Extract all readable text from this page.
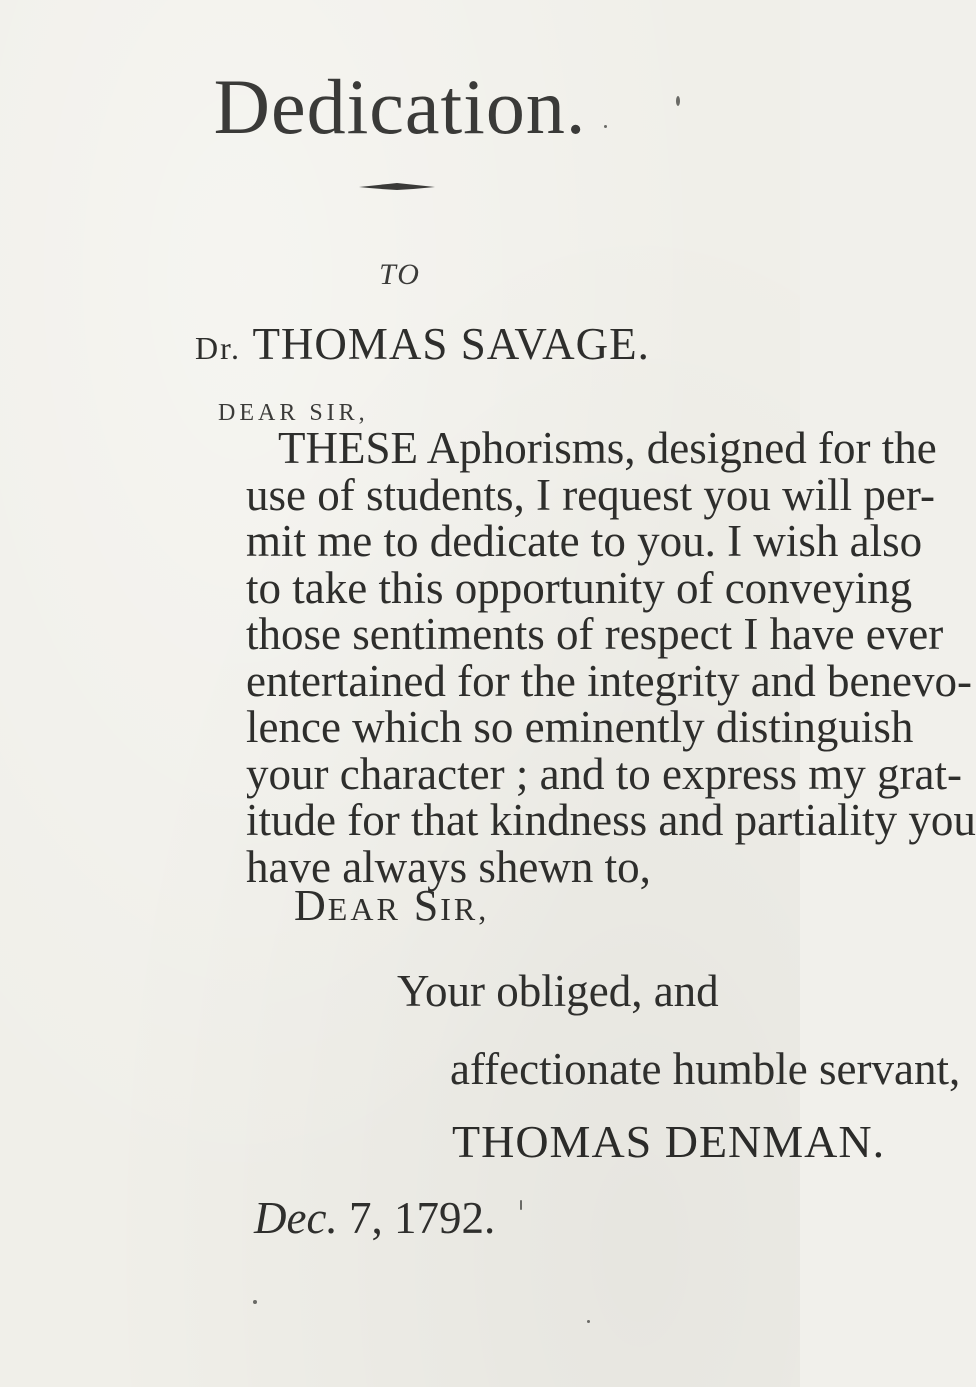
Dedication.
TO
Dr. THOMAS SAVAGE.
DEAR SIR,
THESE Aphorisms, designed for the
use of students, I request you will per-
mit me to dedicate to you. I wish also
to take this opportunity of conveying
those sentiments of respect I have ever
entertained for the integrity and benevo-
lence which so eminently distinguish
your character ; and to express my grat-
itude for that kindness and partiality you
have always shewn to,
DEAR SIR,
Your obliged, and
affectionate humble servant,
THOMAS DENMAN.
Dec. 7, 1792.
